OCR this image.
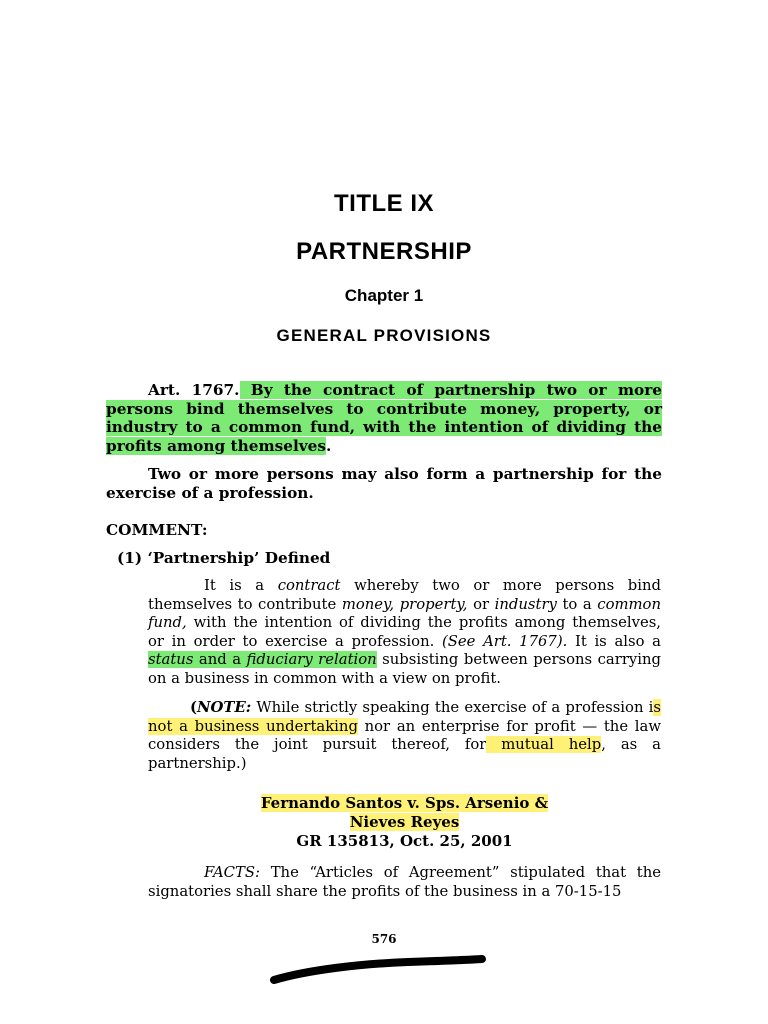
TITLE IX
PARTNERSHIP
Chapter 1
GENERAL PROVISIONS
Art. 1767. By the contract of partnership two or more persons bind themselves to contribute money, property, or industry to a common fund, with the intention of dividing the profits among themselves.
Two or more persons may also form a partnership for the exercise of a profession.
COMMENT:
(1) ‘Partnership’ Defined
It is a contract whereby two or more persons bind themselves to contribute money, property, or industry to a common fund, with the intention of dividing the profits among themselves, or in order to exercise a profession. (See Art. 1767). It is also a status and a fiduciary relation subsisting between persons carrying on a business in common with a view on profit.
(NOTE: While strictly speaking the exercise of a profession is not a business undertaking nor an enterprise for profit — the law considers the joint pursuit thereof, for mutual help, as a partnership.)
Fernando Santos v. Sps. Arsenio &
Nieves Reyes
GR 135813, Oct. 25, 2001
FACTS: The “Articles of Agreement” stipulated that the signatories shall share the profits of the business in a 70-15-15
576
